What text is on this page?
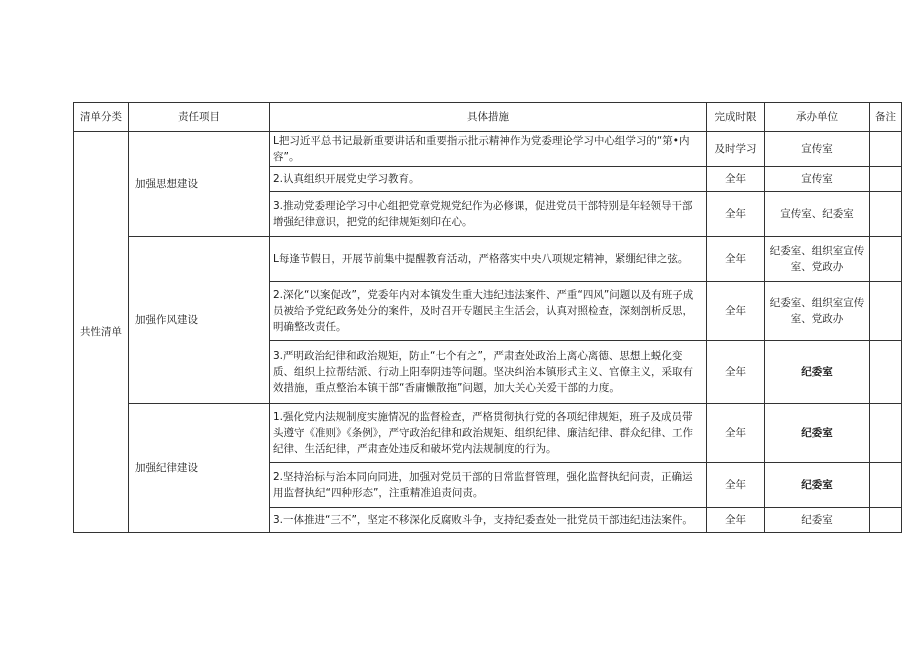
清单分类	责任项目	具体措施	完成时限	承办单位	备注
共性清单	加强思想建设	L把习近平总书记最新重要讲话和重要指示批示精神作为党委理论学习中心组学习的“第•内容”。	及时学习	宣传室	
		2.认真组织开展党史学习教育。	全年	宣传室	
		3.推动党委理论学习中心组把党章党规党纪作为必修课，促进党员干部特别是年轻领导干部增强纪律意识，把党的纪律规矩刻印在心。	全年	宣传室、纪委室	
	加强作风建设	L每逢节假日，开展节前集中提醒教育活动，严格落实中央八项规定精神，紧绷纪律之弦。	全年	纪委室、组织室宣传室、党政办	
		2.深化“以案促改”，党委年内对本镇发生重大违纪违法案件、严重“四风”问题以及有班子成员被给予党纪政务处分的案件，及时召开专题民主生活会，认真对照检查，深刻剖析反思，明确整改责任。	全年	纪委室、组织室宣传室、党政办	
		3.严明政治纪律和政治规矩，防止“七个有之”，严肃查处政治上离心离德、思想上蜕化变质、组织上拉帮结派、行动上阳奉阴违等问题。坚决纠治本镇形式主义、官僚主义，采取有效措施，重点整治本镇干部“香庸懒散拖”问题，加大关心关爱干部的力度。	全年	纪委室	
	加强纪律建设	1.强化党内法规制度实施情况的监督检查，严格贯彻执行党的各项纪律规矩，班子及成员带头遵守《准则》《条例》，严守政治纪律和政治规矩、组织纪律、廉洁纪律、群众纪律、工作纪律、生活纪律，严肃查处违反和破坏党内法规制度的行为。	全年	纪委室	
		2.坚持治标与治本同向同进，加强对党员干部的日常监督管理，强化监督执纪问责，正确运用监督执纪“四种形态”，注重精准追责问责。	全年	纪委室	
		3.一体推进“三不”，坚定不移深化反腐败斗争，支持纪委查处一批党员干部违纪违法案件。	全年	纪委室	
